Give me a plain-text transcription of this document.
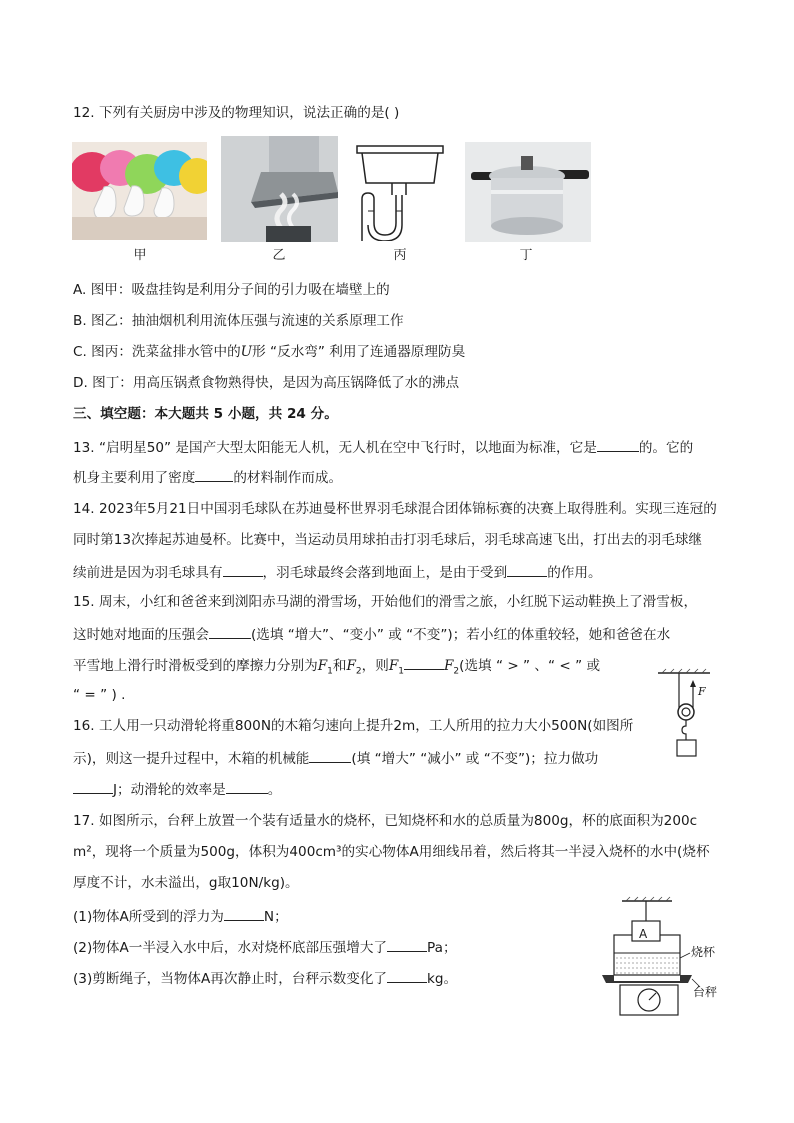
12. 下列有关厨房中涉及的物理知识，说法正确的是( )
甲	乙	丙	丁
A. 图甲：吸盘挂钩是利用分子间的引力吸在墙壁上的
B. 图乙：抽油烟机利用流体压强与流速的关系原理工作
C. 图丙：洗菜盆排水管中的U形 “反水弯” 利用了连通器原理防臭
D. 图丁：用高压锅煮食物熟得快，是因为高压锅降低了水的沸点
三、填空题：本大题共 5 小题，共 24 分。
13. “启明星50” 是国产大型太阳能无人机，无人机在空中飞行时，以地面为标准，它是	的。它的
机身主要利用了密度	的材料制作而成。
14. 2023年5月21日中国羽毛球队在苏迪曼杯世界羽毛球混合团体锦标赛的决赛上取得胜利。实现三连冠的
同时第13次捧起苏迪曼杯。比赛中，当运动员用球拍击打羽毛球后，羽毛球高速飞出，打出去的羽毛球继
续前进是因为羽毛球具有	，羽毛球最终会落到地面上，是由于受到	的作用。
15. 周末，小红和爸爸来到浏阳赤马湖的滑雪场，开始他们的滑雪之旅，小红脱下运动鞋换上了滑雪板，
这时她对地面的压强会	(选填 “增大”、“变小” 或 “不变”)；若小红的体重较轻，她和爸爸在水
平雪地上滑行时滑板受到的摩擦力分别为$F_1$和$F_2$，则$F_1$	$F_2$(选填 “ > ” 、“ < ” 或
“ = ” ) .	F
16. 工人用一只动滑轮将重800N的木箱匀速向上提升2m，工人所用的拉力大小500N(如图所
示)，则这一提升过程中，木箱的机械能	(填 “增大” “减小” 或 “不变”)；拉力做功
J；动滑轮的效率是	。
17. 如图所示，台秤上放置一个装有适量水的烧杯，已知烧杯和水的总质量为800g，杯的底面积为200c
m²，现将一个质量为500g，体积为400cm³的实心物体A用细线吊着，然后将其一半浸入烧杯的水中(烧杯
厚度不计，水未溢出，g取10N/kg)。
(1)物体A所受到的浮力为	N；
(2)物体A一半浸入水中后，水对烧杯底部压强增大了	Pa；
(3)剪断绳子，当物体A再次静止时，台秤示数变化了	kg。
A
烧杯
台秤
